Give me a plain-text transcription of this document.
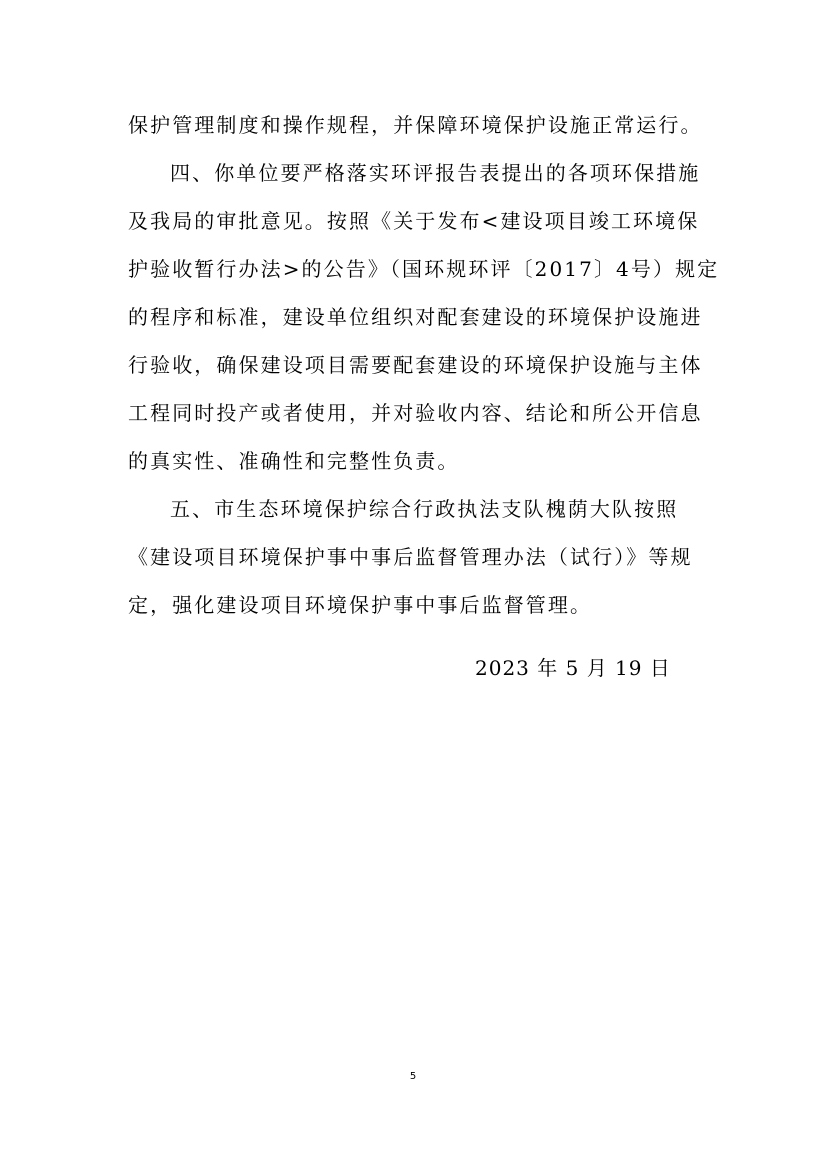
保护管理制度和操作规程，并保障环境保护设施正常运行。
四、你单位要严格落实环评报告表提出的各项环保措施
及我局的审批意见。按照《关于发布<建设项目竣工环境保
护验收暂行办法>的公告》（国环规环评〔2017〕4号）规定
的程序和标准，建设单位组织对配套建设的环境保护设施进
行验收，确保建设项目需要配套建设的环境保护设施与主体
工程同时投产或者使用，并对验收内容、结论和所公开信息
的真实性、准确性和完整性负责。
五、市生态环境保护综合行政执法支队槐荫大队按照
《建设项目环境保护事中事后监督管理办法（试行）》等规
定，强化建设项目环境保护事中事后监督管理。
2023 年 5 月 19 日
5
